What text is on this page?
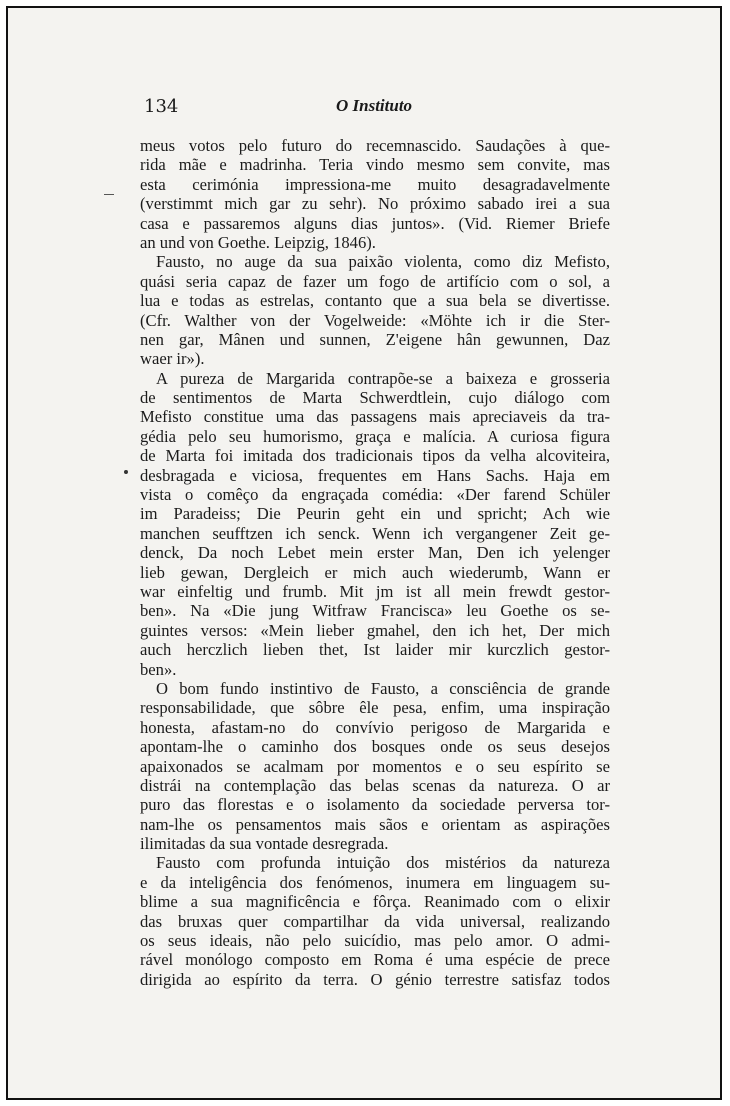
134	O Instituto
meus votos pelo futuro do recemnascido. Saudações à que-
rida mãe e madrinha. Teria vindo mesmo sem convite, mas
esta cerimónia impressiona-me muito desagradavelmente
(verstimmt mich gar zu sehr). No próximo sabado irei a sua
casa e passaremos alguns dias juntos». (Vid. Riemer Briefe
an und von Goethe. Leipzig, 1846).
Fausto, no auge da sua paixão violenta, como diz Mefisto,
quási seria capaz de fazer um fogo de artifício com o sol, a
lua e todas as estrelas, contanto que a sua bela se divertisse.
(Cfr. Walther von der Vogelweide: «Möhte ich ir die Ster-
nen gar, Mânen und sunnen, Z'eigene hân gewunnen, Daz
waer ir»).
A pureza de Margarida contrapõe-se a baixeza e grosseria
de sentimentos de Marta Schwerdtlein, cujo diálogo com
Mefisto constitue uma das passagens mais apreciaveis da tra-
gédia pelo seu humorismo, graça e malícia. A curiosa figura
de Marta foi imitada dos tradicionais tipos da velha alcoviteira,
desbragada e viciosa, frequentes em Hans Sachs. Haja em
vista o comêço da engraçada comédia: «Der farend Schüler
im Paradeiss; Die Peurin geht ein und spricht; Ach wie
manchen seufftzen ich senck. Wenn ich vergangener Zeit ge-
denck, Da noch Lebet mein erster Man, Den ich yelenger
lieb gewan, Dergleich er mich auch wiederumb, Wann er
war einfeltig und frumb. Mit jm ist all mein frewdt gestor-
ben». Na «Die jung Witfraw Francisca» leu Goethe os se-
guintes versos: «Mein lieber gmahel, den ich het, Der mich
auch herczlich lieben thet, Ist laider mir kurczlich gestor-
ben».
O bom fundo instintivo de Fausto, a consciência de grande
responsabilidade, que sôbre êle pesa, enfim, uma inspiração
honesta, afastam-no do convívio perigoso de Margarida e
apontam-lhe o caminho dos bosques onde os seus desejos
apaixonados se acalmam por momentos e o seu espírito se
distrái na contemplação das belas scenas da natureza. O ar
puro das florestas e o isolamento da sociedade perversa tor-
nam-lhe os pensamentos mais sãos e orientam as aspirações
ilimitadas da sua vontade desregrada.
Fausto com profunda intuição dos mistérios da natureza
e da inteligência dos fenómenos, inumera em linguagem su-
blime a sua magnificência e fôrça. Reanimado com o elixir
das bruxas quer compartilhar da vida universal, realizando
os seus ideais, não pelo suicídio, mas pelo amor. O admi-
rável monólogo composto em Roma é uma espécie de prece
dirigida ao espírito da terra. O génio terrestre satisfaz todos
